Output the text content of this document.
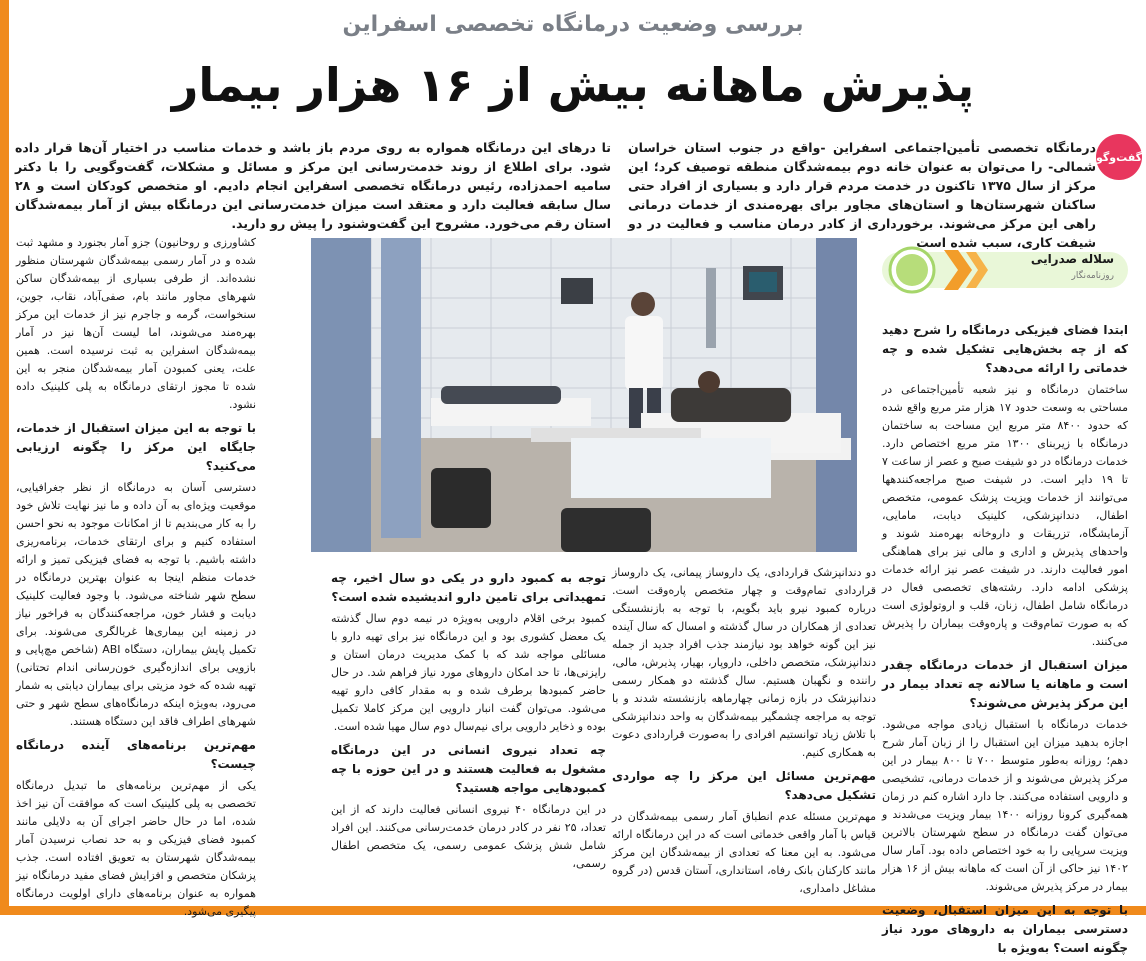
بررسی وضعیت درمانگاه تخصصی اسفراین
پذیرش ماهانه بیش از ۱۶ هزار بیمار
گفت‌وگو
درمانگاه تخصصی تأمین‌اجتماعی اسفراین -واقع در جنوب استان خراسان شمالی- را می‌توان به عنوان خانه دوم بیمه‌شدگان منطقه توصیف کرد؛ این مرکز از سال ۱۳۷۵ تاکنون در خدمت مردم قرار دارد و بسیاری از افراد حتی ساکنان شهرستان‌ها و استان‌های مجاور برای بهره‌مندی از خدمات درمانی راهی این مرکز می‌شوند. برخورداری از کادر درمان مناسب و فعالیت در دو شیفت کاری، سبب شده است
تا درهای این درمانگاه همواره به روی مردم باز باشد و خدمات مناسب در اختیار آن‌ها قرار داده شود. برای اطلاع از روند خدمت‌رسانی این مرکز و مسائل و مشکلات، گفت‌وگویی را با دکتر سامیه احمدزاده، رئیس درمانگاه تخصصی اسفراین انجام دادیم. او متخصص کودکان است و ۲۸ سال سابقه فعالیت دارد و معتقد است میزان خدمت‌رسانی این درمانگاه بیش از آمار بیمه‌شدگان استان رقم می‌خورد. مشروح این گفت‌وشنود را پیش رو دارید.
سلاله صدرایی
روزنامه‌نگار
ابتدا فضای فیزیکی درمانگاه را شرح دهید که از چه بخش‌هایی تشکیل شده و چه خدماتی را ارائه می‌دهد؟

ساختمان درمانگاه و نیز شعبه تأمین‌اجتماعی در مساحتی به وسعت حدود ۱۷ هزار متر مربع واقع شده که حدود ۸۴۰۰ متر مربع این مساحت به ساختمان درمانگاه با زیربنای ۱۳۰۰ متر مربع اختصاص دارد. خدمات درمانگاه در دو شیفت صبح و عصر از ساعت ۷ تا ۱۹ دایر است. در شیفت صبح مراجعه‌کنندهها می‌توانند از خدمات ویزیت پزشک عمومی، متخصص اطفال، دندانپزشکی، کلینیک دیابت، مامایی، آزمایشگاه، تزریقات و داروخانه بهره‌مند شوند و واحدهای پذیرش و اداری و مالی نیز برای هماهنگی امور فعالیت دارند. در شیفت عصر نیز ارائه خدمات پزشکی ادامه دارد. رشته‌های تخصصی فعال در درمانگاه شامل اطفال، زنان، قلب و اروتولوژی است که به صورت تمام‌وقت و پاره‌وقت بیماران را پذیرش می‌کنند.

میزان استقبال از خدمات درمانگاه چقدر است و ماهانه یا سالانه چه تعداد بیمار در این مرکز پذیرش می‌شوند؟

خدمات درمانگاه با استقبال زیادی مواجه می‌شود. اجازه بدهید میزان این استقبال را از زبان آمار شرح دهم؛ روزانه به‌طور متوسط ۷۰۰ تا ۸۰۰ بیمار در این مرکز پذیرش می‌شوند و از خدمات درمانی، تشخیصی و دارویی استفاده می‌کنند. جا دارد اشاره کنم در زمان همه‌گیری کرونا روزانه ۱۴۰۰ بیمار ویزیت می‌شدند و می‌توان گفت درمانگاه در سطح شهرستان بالاترین ویزیت سرپایی را به خود اختصاص داده بود. آمار سال ۱۴۰۲ نیز حاکی از آن است که ماهانه بیش از ۱۶ هزار بیمار در مرکز پذیرش می‌شوند.

با توجه به این میزان استقبال، وضعیت دسترسی بیماران به داروهای مورد نیاز چگونه است؟ به‌ویژه با

کشاورزی و روحانیون) جزو آمار بجنورد و مشهد ثبت شده و در آمار رسمی بیمه‌شدگان شهرستان منظور نشده‌اند. از طرفی بسیاری از بیمه‌شدگان ساکن شهرهای مجاور مانند بام، صفی‌آباد، نقاب، جوین، سنخواست، گرمه و جاجرم نیز از خدمات این مرکز بهره‌مند می‌شوند، اما لیست آن‌ها نیز در آمار بیمه‌شدگان اسفراین به ثبت نرسیده است. همین علت، یعنی کمبودن آمار بیمه‌شدگان منجر به این شده تا مجوز ارتقای درمانگاه به پلی کلینیک داده نشود.

با توجه به این میزان استقبال از خدمات، جایگاه این مرکز را چگونه ارزیابی می‌کنید؟

دسترسی آسان به درمانگاه از نظر جغرافیایی، موقعیت ویژه‌ای به آن داده و ما نیز نهایت تلاش خود را به کار می‌بندیم تا از امکانات موجود به نحو احسن استفاده کنیم و برای ارتقای خدمات، برنامه‌ریزی داشته باشیم. با توجه به فضای فیزیکی تمیز و ارائه خدمات منظم اینجا به عنوان بهترین درمانگاه در سطح شهر شناخته می‌شود. با وجود فعالیت کلینیک دیابت و فشار خون، مراجعه‌کنندگان به فراخور نیاز در زمینه این بیماری‌ها غربالگری می‌شوند. برای تکمیل پایش بیماران، دستگاه ABI (شاخص مچ‌پایی و بازویی برای اندازه‌گیری خون‌رسانی اندام تحتانی) تهیه شده که خود مزیتی برای بیماران دیابتی به شمار می‌رود، به‌ویژه اینکه درمانگاه‌های سطح شهر و حتی شهرهای اطراف فاقد این دستگاه هستند.

مهم‌ترین برنامه‌های آینده درمانگاه چیست؟

یکی از مهم‌ترین برنامه‌های ما تبدیل درمانگاه تخصصی به پلی کلینیک است که موافقت آن نیز اخذ شده، اما در حال حاضر اجرای آن به دلایلی مانند کمبود فضای فیزیکی و به حد نصاب نرسیدن آمار بیمه‌شدگان شهرستان به تعویق افتاده است. جذب پزشکان متخصص و افزایش فضای مفید درمانگاه نیز همواره به عنوان برنامه‌های دارای اولویت درمانگاه پیگیری می‌شود.

توجه به کمبود دارو در یکی دو سال اخیر، چه تمهیداتی برای تامین دارو اندیشیده شده است؟

کمبود برخی اقلام دارویی به‌ویژه در نیمه دوم سال گذشته یک معضل کشوری بود و این درمانگاه نیز برای تهیه دارو با مسائلی مواجه شد که با کمک مدیریت درمان استان و رایزنی‌ها، تا حد امکان داروهای مورد نیاز فراهم شد. در حال حاضر کمبودها برطرف شده و به مقدار کافی دارو تهیه می‌شود. می‌توان گفت انبار دارویی این مرکز کاملا تکمیل بوده و ذخایر دارویی برای نیم‌سال دوم سال مهیا شده است.

چه تعداد نیروی انسانی در این درمانگاه مشغول به فعالیت هستند و در این حوزه با چه کمبودهایی مواجه هستید؟

در این درمانگاه ۴۰ نیروی انسانی فعالیت دارند که از این تعداد، ۲۵ نفر در کادر درمان خدمت‌رسانی می‌کنند. این افراد شامل شش پزشک عمومی رسمی، یک متخصص اطفال رسمی،

دو دندانپزشک قراردادی، یک داروساز پیمانی، یک داروساز قراردادی تمام‌وقت و چهار متخصص پاره‌وقت است. درباره کمبود نیرو باید بگویم، با توجه به بازنشستگی تعدادی از همکاران در سال گذشته و امسال که سال آینده نیز این گونه خواهد بود نیازمند جذب افراد جدید از جمله دندانپزشک، متخصص داخلی، داروپار، بهیار، پذیرش، مالی، راننده و نگهبان هستیم. سال گذشته دو همکار رسمی دندانپزشک در بازه زمانی چهارماهه بازنشسته شدند و با توجه به مراجعه چشمگیر بیمه‌شدگان به واحد دندانپزشکی با تلاش زیاد توانستیم افرادی را به‌صورت قراردادی دعوت به همکاری کنیم.

مهم‌ترین مسائل این مرکز را چه مواردی تشکیل می‌دهد؟

مهم‌ترین مسئله عدم انطباق آمار رسمی بیمه‌شدگان در قیاس با آمار واقعی خدماتی است که در این درمانگاه ارائه می‌شود. به این معنا که تعدادی از بیمه‌شدگان این مرکز مانند کارکنان بانک رفاه، استانداری، آستان قدس (در گروه مشاغل دامداری،
